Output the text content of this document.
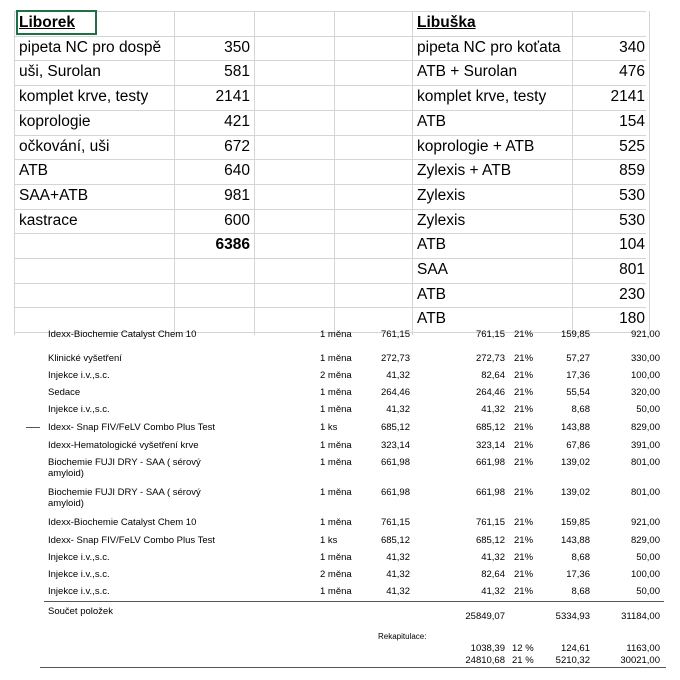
Liborek
pipeta NC pro dospě	350
uši, Surolan	581
komplet krve, testy	2141
koprologie	421
očkování, uši	672
ATB	640
SAA+ATB	981
kastrace	600
6386
Libuška
pipeta NC pro koťata	340
ATB + Surolan	476
komplet krve, testy	2141
ATB	154
koprologie + ATB	525
Zylexis + ATB	859
Zylexis	530
Zylexis	530
ATB	104
SAA	801
ATB	230
ATB	180
Idexx-Biochemie Catalyst Chem 10	1 měna	761,15	761,15 21%	159,85	921,00
Klinické vyšetření	1 měna	272,73	272,73 21%	57,27	330,00
Injekce i.v.,s.c.	2 měna	41,32	82,64 21%	17,36	100,00
Sedace	1 měna	264,46	264,46 21%	55,54	320,00
Injekce i.v.,s.c.	1 měna	41,32	41,32 21%	8,68	50,00
Idexx- Snap FIV/FeLV Combo Plus Test	1 ks	685,12	685,12 21%	143,88	829,00
Idexx-Hematologické vyšetření krve	1 měna	323,14	323,14 21%	67,86	391,00
Biochemie FUJI DRY - SAA ( sérový	1 měna	661,98	661,98 21%	139,02	801,00
amyloid)
Biochemie FUJI DRY - SAA ( sérový	1 měna	661,98	661,98 21%	139,02	801,00
amyloid)
Idexx-Biochemie Catalyst Chem 10	1 měna	761,15	761,15 21%	159,85	921,00
Idexx- Snap FIV/FeLV Combo Plus Test	1 ks	685,12	685,12 21%	143,88	829,00
Injekce i.v.,s.c.	1 měna	41,32	41,32 21%	8,68	50,00
Injekce i.v.,s.c.	2 měna	41,32	82,64 21%	17,36	100,00
Injekce i.v.,s.c.	1 měna	41,32	41,32 21%	8,68	50,00
Součet položek	25849,07	5334,93	31184,00
Rekapitulace:
1038,39 12 %	124,61	1163,00
24810,68 21 % 5210,32	30021,00
